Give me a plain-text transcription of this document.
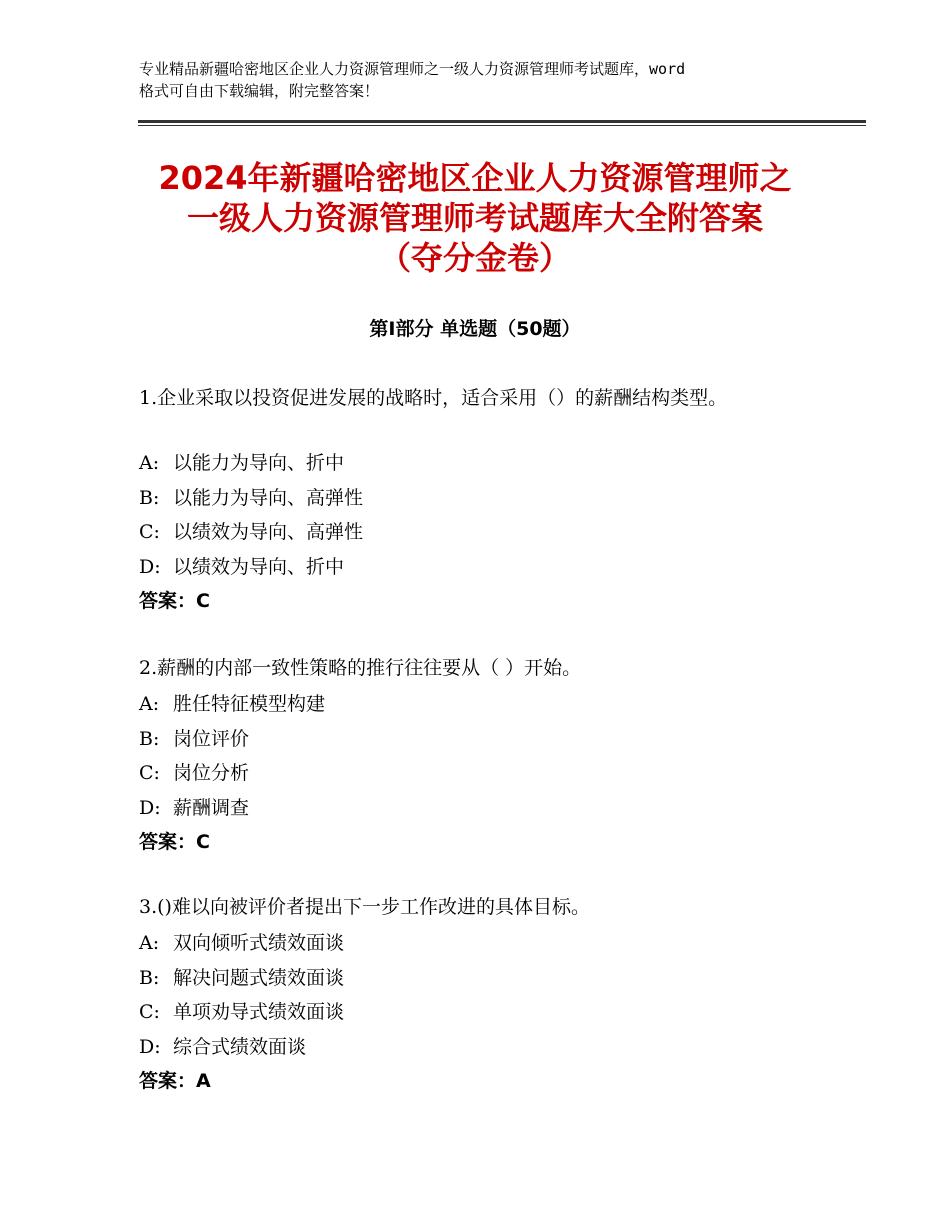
专业精品新疆哈密地区企业人力资源管理师之一级人力资源管理师考试题库，word

格式可自由下载编辑，附完整答案！

2024年新疆哈密地区企业人力资源管理师之
一级人力资源管理师考试题库大全附答案
（夺分金卷）
第Ⅰ部分 单选题（50题）

1.企业采取以投资促进发展的战略时，适合采用（）的薪酬结构类型。

A: 以能力为导向、折中

B: 以能力为导向、高弹性

C: 以绩效为导向、高弹性

D: 以绩效为导向、折中

答案：C

2.薪酬的内部一致性策略的推行往往要从（ ）开始。

A: 胜任特征模型构建

B: 岗位评价

C: 岗位分析

D: 薪酬调查

答案：C

3.()难以向被评价者提出下一步工作改进的具体目标。

A: 双向倾听式绩效面谈

B: 解决问题式绩效面谈

C: 单项劝导式绩效面谈

D: 综合式绩效面谈

答案：A
